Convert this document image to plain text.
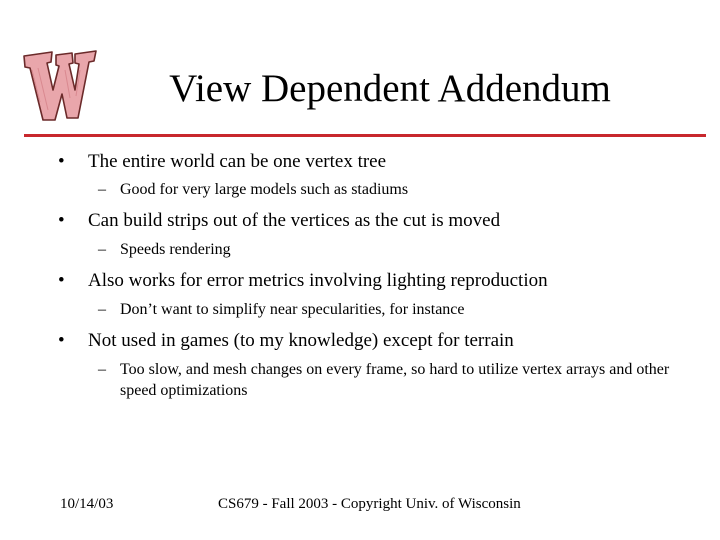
View Dependent Addendum
• The entire world can be one vertex tree
– Good for very large models such as stadiums
• Can build strips out of the vertices as the cut is moved
– Speeds rendering
• Also works for error metrics involving lighting reproduction
– Don’t want to simplify near specularities, for instance
• Not used in games (to my knowledge) except for terrain
– Too slow, and mesh changes on every frame, so hard to utilize vertex arrays and other speed optimizations
10/14/03	CS679 - Fall 2003 - Copyright Univ. of Wisconsin
